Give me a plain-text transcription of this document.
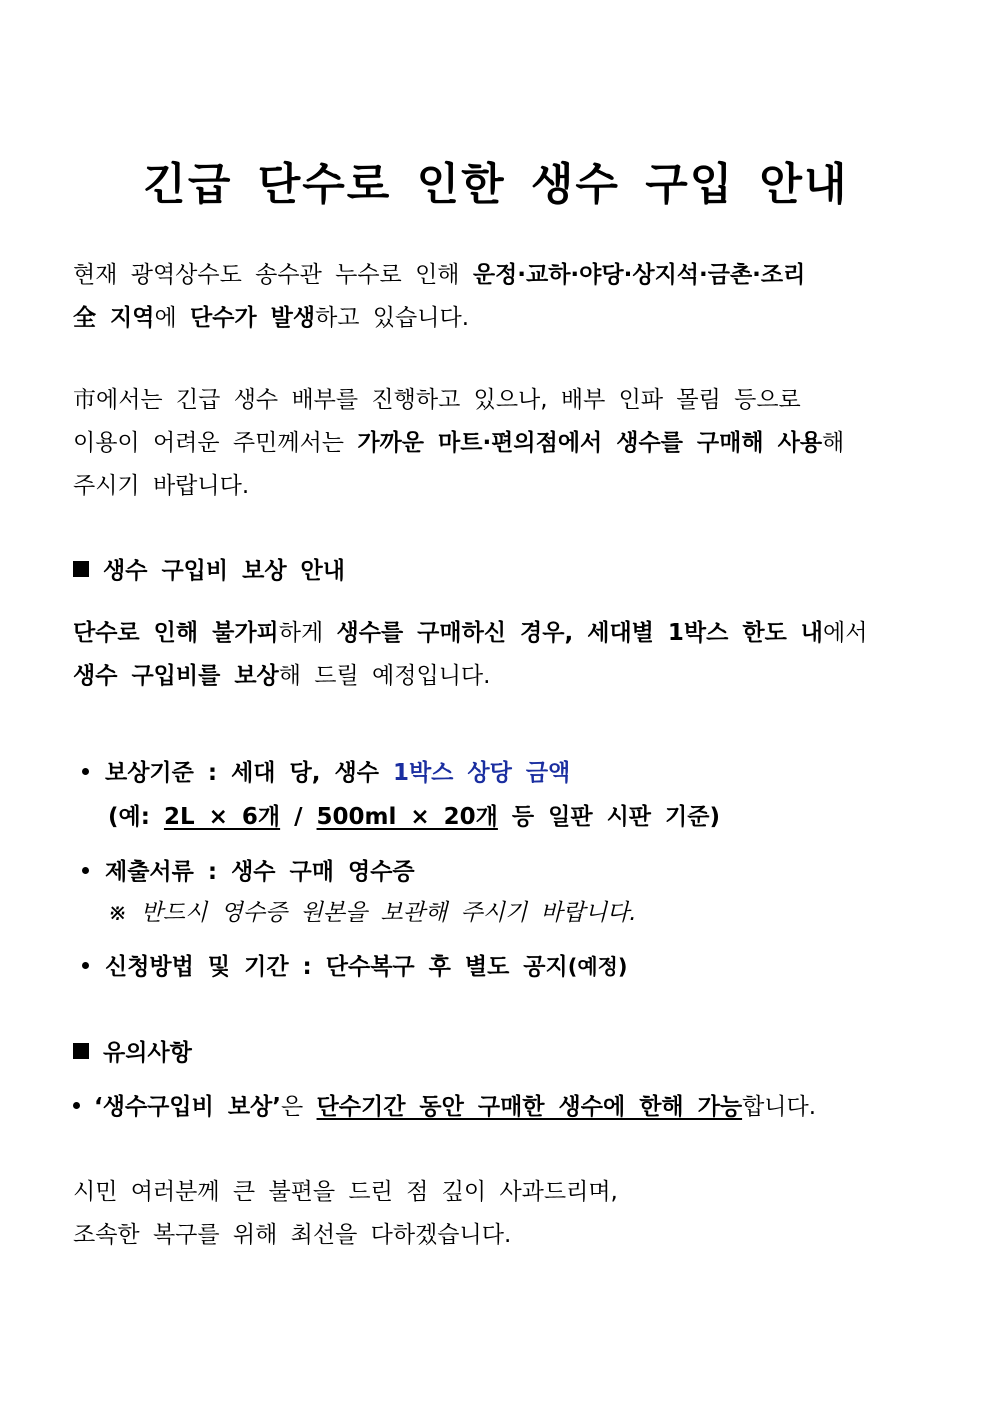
긴급 단수로 인한 생수 구입 안내
현재 광역상수도 송수관 누수로 인해 운정·교하·야당·상지석·금촌·조리
全 지역에 단수가 발생하고 있습니다.
市에서는 긴급 생수 배부를 진행하고 있으나, 배부 인파 몰림 등으로
이용이 어려운 주민께서는 가까운 마트·편의점에서 생수를 구매해 사용해
주시기 바랍니다.
생수 구입비 보상 안내
단수로 인해 불가피하게 생수를 구매하신 경우, 세대별 1박스 한도 내에서
생수 구입비를 보상해 드릴 예정입니다.
보상기준 : 세대 당, 생수 1박스 상당 금액
(예: 2L × 6개 / 500ml × 20개 등 일판 시판 기준)
제출서류 : 생수 구매 영수증
※ 반드시 영수증 원본을 보관해 주시기 바랍니다.
신청방법 및 기간 : 단수복구 후 별도 공지(예정)
유의사항
‘생수구입비 보상’은 단수기간 동안 구매한 생수에 한해 가능합니다.
시민 여러분께 큰 불편을 드린 점 깊이 사과드리며,
조속한 복구를 위해 최선을 다하겠습니다.
